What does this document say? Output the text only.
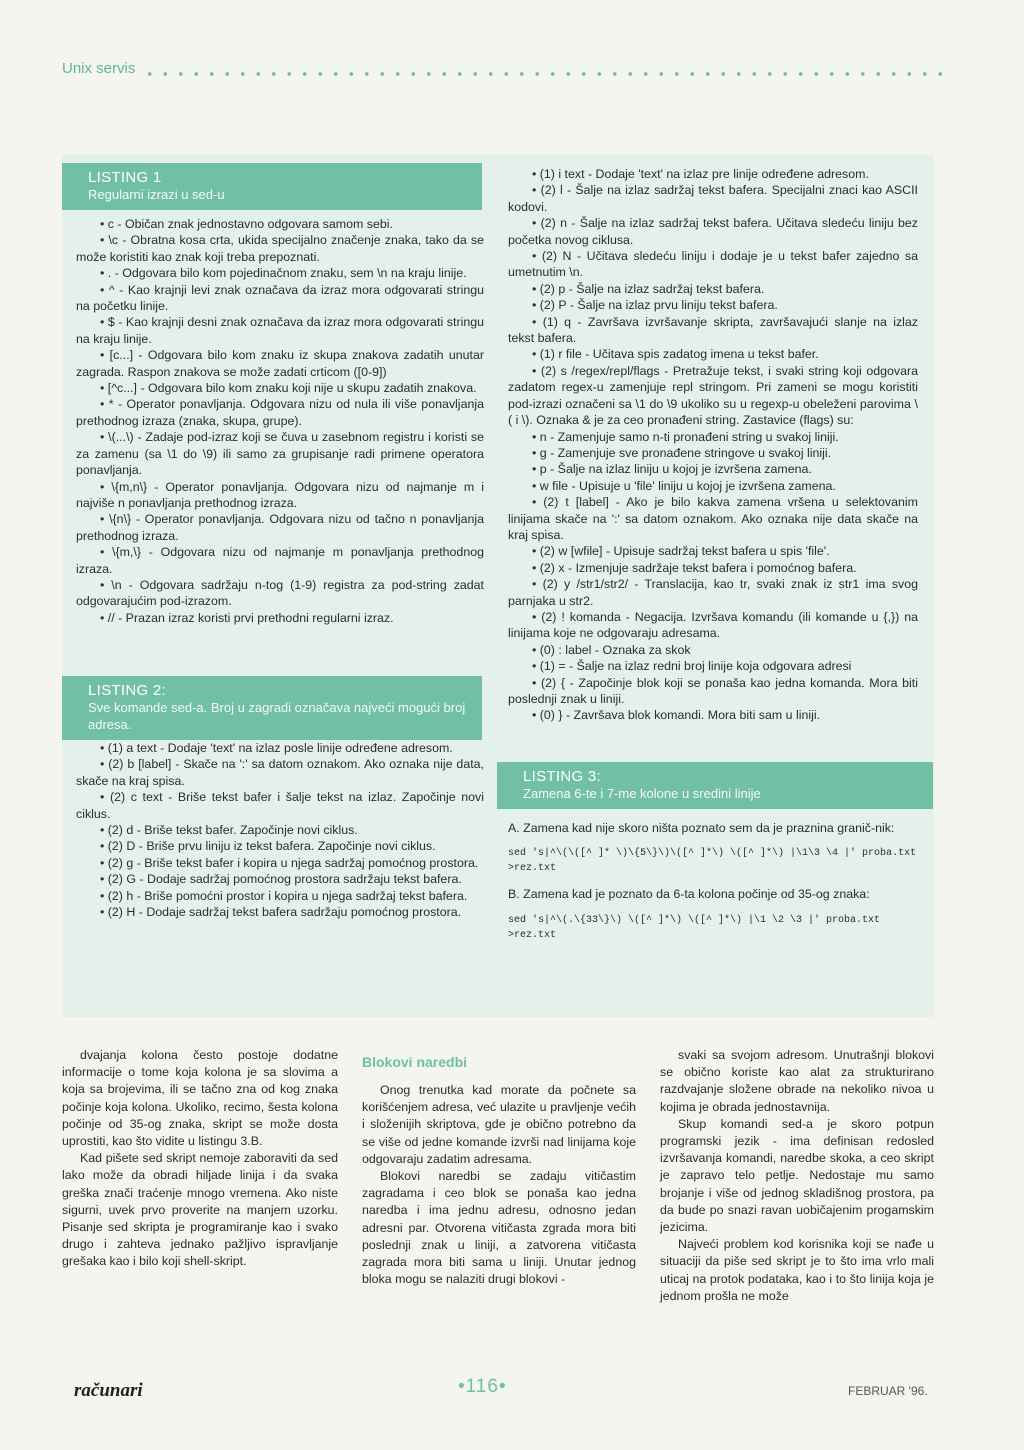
Unix servis
LISTING 1
Regularni izrazi u sed-u

• c - Običan znak jednostavno odgovara samom sebi.

• \c - Obratna kosa crta, ukida specijalno značenje znaka, tako da se može koristiti kao znak koji treba prepoznati.

• . - Odgovara bilo kom pojedinačnom znaku, sem \n na kraju linije.

• ^ - Kao krajnji levi znak označava da izraz mora odgovarati stringu na početku linije.

• $ - Kao krajnji desni znak označava da izraz mora odgovarati stringu na kraju linije.

• [c...] - Odgovara bilo kom znaku iz skupa znakova zadatih unutar zagrada. Raspon znakova se može zadati crticom ([0-9])

• [^c...] - Odgovara bilo kom znaku koji nije u skupu zadatih znakova.

• * - Operator ponavljanja. Odgovara nizu od nula ili više ponavljanja prethodnog izraza (znaka, skupa, grupe).

• \(...\) - Zadaje pod-izraz koji se čuva u zasebnom registru i koristi se za zamenu (sa \1 do \9) ili samo za grupisanje radi primene operatora ponavljanja.

• \{m,n\} - Operator ponavljanja. Odgovara nizu od najmanje m i najviše n ponavljanja prethodnog izraza.

• \{n\} - Operator ponavljanja. Odgovara nizu od tačno n ponavljanja prethodnog izraza.

• \{m,\} - Odgovara nizu od najmanje m ponavljanja prethodnog izraza.

• \n - Odgovara sadržaju n-tog (1-9) registra za pod-string zadat odgovarajućim pod-izrazom.

• // - Prazan izraz koristi prvi prethodni regularni izraz.

LISTING 2:
Sve komande sed-a. Broj u zagradi označava najveći mogući broj adresa.

• (1) a text - Dodaje 'text' na izlaz posle linije određene adresom.

• (2) b [label] - Skače na ':' sa datom oznakom. Ako oznaka nije data, skače na kraj spisa.

• (2) c text - Briše tekst bafer i šalje tekst na izlaz. Započinje novi ciklus.

• (2) d - Briše tekst bafer. Započinje novi ciklus.

• (2) D - Briše prvu liniju iz tekst bafera. Započinje novi ciklus.

• (2) g - Briše tekst bafer i kopira u njega sadržaj pomoćnog prostora.

• (2) G - Dodaje sadržaj pomoćnog prostora sadržaju tekst bafera.

• (2) h - Briše pomoćni prostor i kopira u njega sadržaj tekst bafera.

• (2) H - Dodaje sadržaj tekst bafera sadržaju pomoćnog prostora.

• (1) i text - Dodaje 'text' na izlaz pre linije određene adresom.

• (2) l - Šalje na izlaz sadržaj tekst bafera. Specijalni znaci kao ASCII kodovi.

• (2) n - Šalje na izlaz sadržaj tekst bafera. Učitava sledeću liniju bez početka novog ciklusa.

• (2) N - Učitava sledeću liniju i dodaje je u tekst bafer zajedno sa umetnutim \n.

• (2) p - Šalje na izlaz sadržaj tekst bafera.

• (2) P - Šalje na izlaz prvu liniju tekst bafera.

• (1) q - Završava izvršavanje skripta, završavajući slanje na izlaz tekst bafera.

• (1) r file - Učitava spis zadatog imena u tekst bafer.

• (2) s /regex/repl/flags - Pretražuje tekst, i svaki string koji odgovara zadatom regex-u zamenjuje repl stringom. Pri zameni se mogu koristiti pod-izrazi označeni sa \1 do \9 ukoliko su u regexp-u obeleženi parovima \( i \). Oznaka & je za ceo pronađeni string. Zastavice (flags) su:

• n - Zamenjuje samo n-ti pronađeni string u svakoj liniji.

• g - Zamenjuje sve pronađene stringove u svakoj liniji.

• p - Šalje na izlaz liniju u kojoj je izvršena zamena.

• w file - Upisuje u 'file' liniju u kojoj je izvršena zamena.

• (2) t [label] - Ako je bilo kakva zamena vršena u selektovanim linijama skače na ':' sa datom oznakom. Ako oznaka nije data skače na kraj spisa.

• (2) w [wfile] - Upisuje sadržaj tekst bafera u spis 'file'.

• (2) x - Izmenjuje sadržaje tekst bafera i pomoćnog bafera.

• (2) y /str1/str2/ - Translacija, kao tr, svaki znak iz str1 ima svog parnjaka u str2.

• (2) ! komanda - Negacija. Izvršava komandu (ili komande u {,}) na linijama koje ne odgovaraju adresama.

• (0) : label - Oznaka za skok

• (1) = - Šalje na izlaz redni broj linije koja odgovara adresi

• (2) { - Započinje blok koji se ponaša kao jedna komanda. Mora biti poslednji znak u liniji.

• (0) } - Završava blok komandi. Mora biti sam u liniji.

LISTING 3:
Zamena 6-te i 7-me kolone u sredini linije
A. Zamena kad nije skoro ništa poznato sem da je praznina granič-nik:
sed 's|^\(\([^ ]* \)\{5\}\)\([^ ]*\) \([^ ]*\) |\1\3 \4 |' proba.txt >rez.txt
B. Zamena kad je poznato da 6-ta kolona počinje od 35-og znaka:
sed 's|^\(.\{33\}\) \([^ ]*\) \([^ ]*\) |\1 \2 \3 |' proba.txt >rez.txt

dvajanja kolona često postoje dodatne informacije o tome koja kolona je sa slovima a koja sa brojevima, ili se tačno zna od kog znaka počinje koja kolona. Ukoliko, recimo, šesta kolona počinje od 35-og znaka, skript se može dosta uprostiti, kao što vidite u listingu 3.B.

Kad pišete sed skript nemoje zaboraviti da sed lako može da obradi hiljade linija i da svaka greška znači traćenje mnogo vremena. Ako niste sigurni, uvek prvo proverite na manjem uzorku. Pisanje sed skripta je programiranje kao i svako drugo i zahteva jednako pažljivo ispravljanje grešaka kao i bilo koji shell-skript.

Blokovi naredbi

Onog trenutka kad morate da počnete sa korišćenjem adresa, već ulazite u pravljenje većih i složenijih skriptova, gde je obično potrebno da se više od jedne komande izvrši nad linijama koje odgovaraju zadatim adresama.

Blokovi naredbi se zadaju vitičastim zagradama i ceo blok se ponaša kao jedna naredba i ima jednu adresu, odnosno jedan adresni par. Otvorena vitičasta zgrada mora biti poslednji znak u liniji, a zatvorena vitičasta zagrada mora biti sama u liniji. Unutar jednog bloka mogu se nalaziti drugi blokovi -

svaki sa svojom adresom. Unutrašnji blokovi se obično koriste kao alat za strukturirano razdvajanje složene obrade na nekoliko nivoa u kojima je obrada jednostavnija.

Skup komandi sed-a je skoro potpun programski jezik - ima definisan redosled izvršavanja komandi, naredbe skoka, a ceo skript je zapravo telo petlje. Nedostaje mu samo brojanje i više od jednog skladišnog prostora, pa da bude po snazi ravan uobičajenim progamskim jezicima.

Najveći problem kod korisnika koji se nađe u situaciji da piše sed skript je to što ima vrlo mali uticaj na protok podataka, kao i to što linija koja je jednom prošla ne može

računari	•116•	FEBRUAR '96.
